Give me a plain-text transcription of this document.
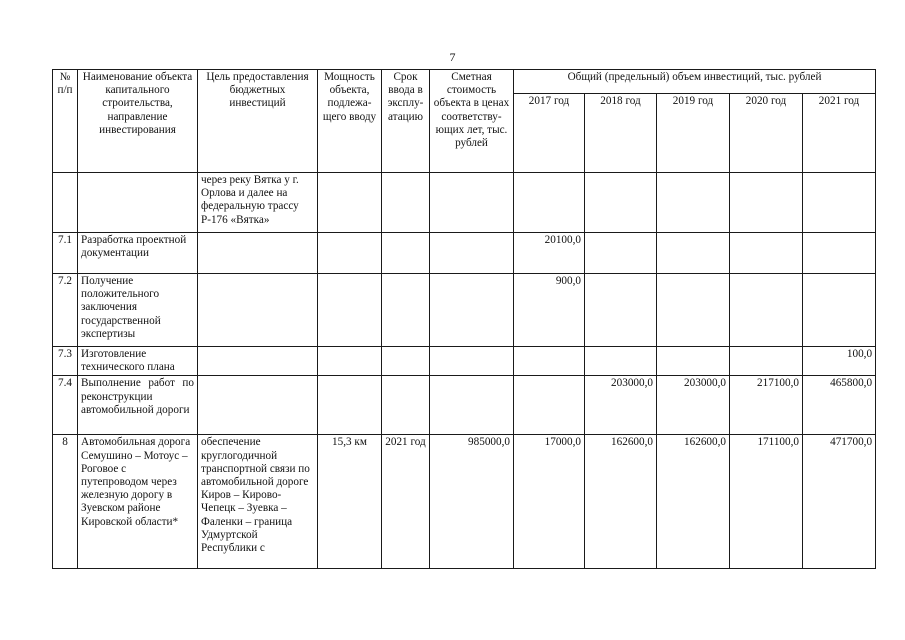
7
№ п/п	Наименование объекта капитального строительства, направление инвестирования	Цель предоставления бюджетных инвестиций	Мощность объекта, подлежа- щего вводу	Срок ввода в эксплу- атацию	Сметная стоимость объекта в ценах соответству- ющих лет, тыс. рублей	Общий (предельный) объем инвестиций, тыс. рублей				
						2017 год	2018 год	2019 год	2020 год	2021 год
		через реку Вятка у г. Орлова и далее на федеральную трассу Р-176 «Вятка»								
7.1	Разработка проектной документации					20100,0				
7.2	Получение положительного заключения государственной экспертизы					900,0				
7.3	Изготовление технического плана									100,0
7.4	Выполнение работ по реконструкции автомобильной дороги						203000,0	203000,0	217100,0	465800,0
8	Автомобильная дорога Семушино – Мотоус – Роговое с путепроводом через железную дорогу в Зуевском районе Кировской области*	обеспечение круглогодичной транспортной связи по автомобильной дороге Киров – Кирово-Чепецк – Зуевка – Фаленки – граница Удмуртской Республики с	15,3 км	2021 год	985000,0	17000,0	162600,0	162600,0	171100,0	471700,0
